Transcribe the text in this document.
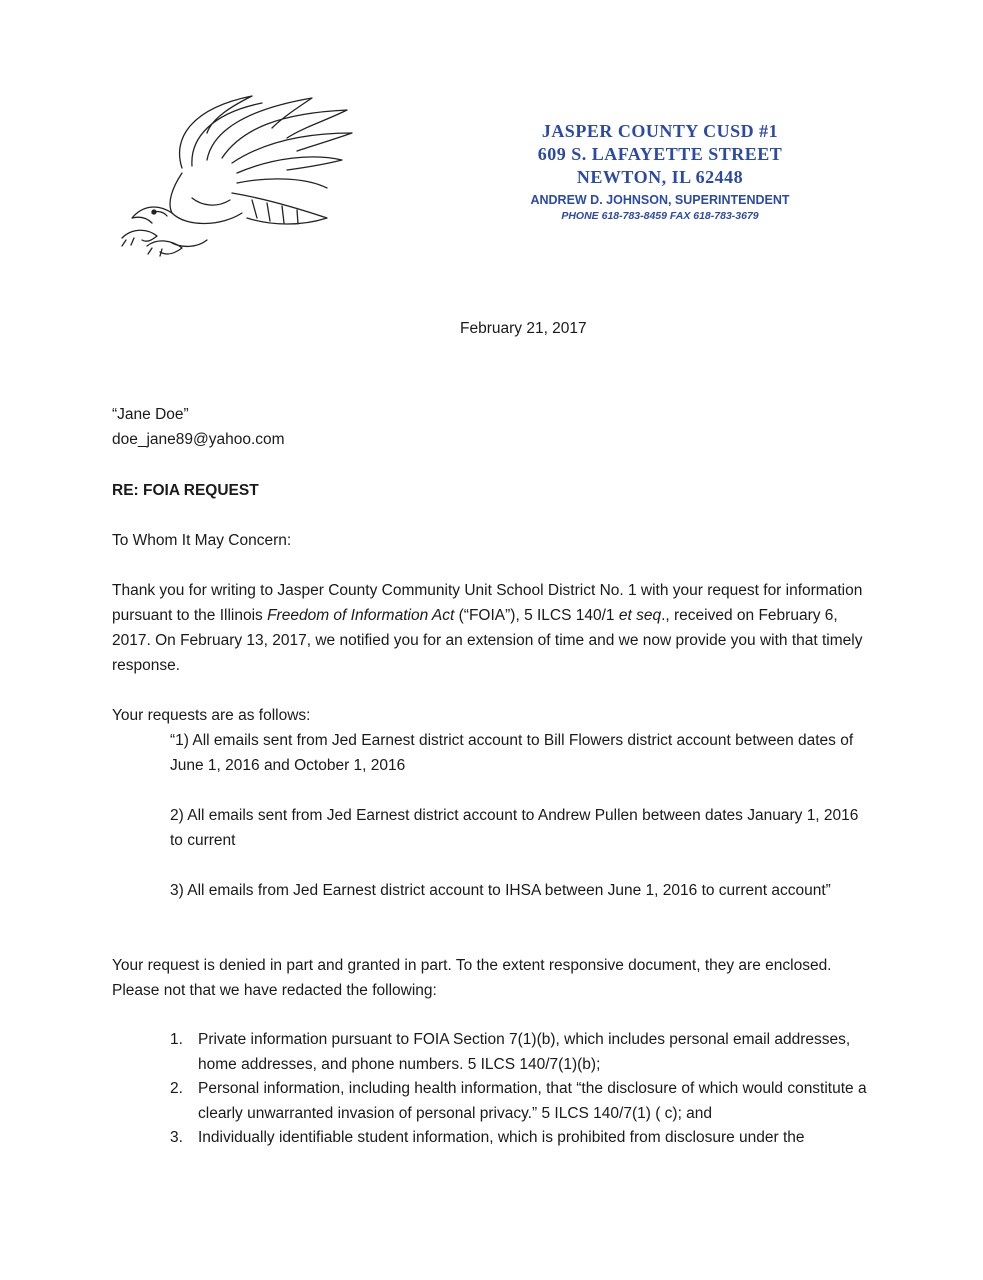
JASPER COUNTY CUSD #1
609 S. LAFAYETTE STREET
NEWTON, IL 62448
ANDREW D. JOHNSON, SUPERINTENDENT
PHONE 618-783-8459 FAX 618-783-3679
February 21, 2017

“Jane Doe”

doe_jane89@yahoo.com

RE: FOIA REQUEST
To Whom It May Concern:
Thank you for writing to Jasper County Community Unit School District No. 1 with your request for information pursuant to the Illinois Freedom of Information Act (“FOIA”), 5 ILCS 140/1 et seq., received on February 6, 2017. On February 13, 2017, we notified you for an extension of time and we now provide you with that timely response.
Your requests are as follows:
“1) All emails sent from Jed Earnest district account to Bill Flowers district account between dates of June 1, 2016 and October 1, 2016
2) All emails sent from Jed Earnest district account to Andrew Pullen between dates January 1, 2016 to current
3) All emails from Jed Earnest district account to IHSA between June 1, 2016 to current account”
Your request is denied in part and granted in part. To the extent responsive document, they are enclosed. Please not that we have redacted the following:
1. Private information pursuant to FOIA Section 7(1)(b), which includes personal email addresses, home addresses, and phone numbers. 5 ILCS 140/7(1)(b);
2. Personal information, including health information, that “the disclosure of which would constitute a clearly unwarranted invasion of personal privacy.” 5 ILCS 140/7(1) ( c); and
3. Individually identifiable student information, which is prohibited from disclosure under the
